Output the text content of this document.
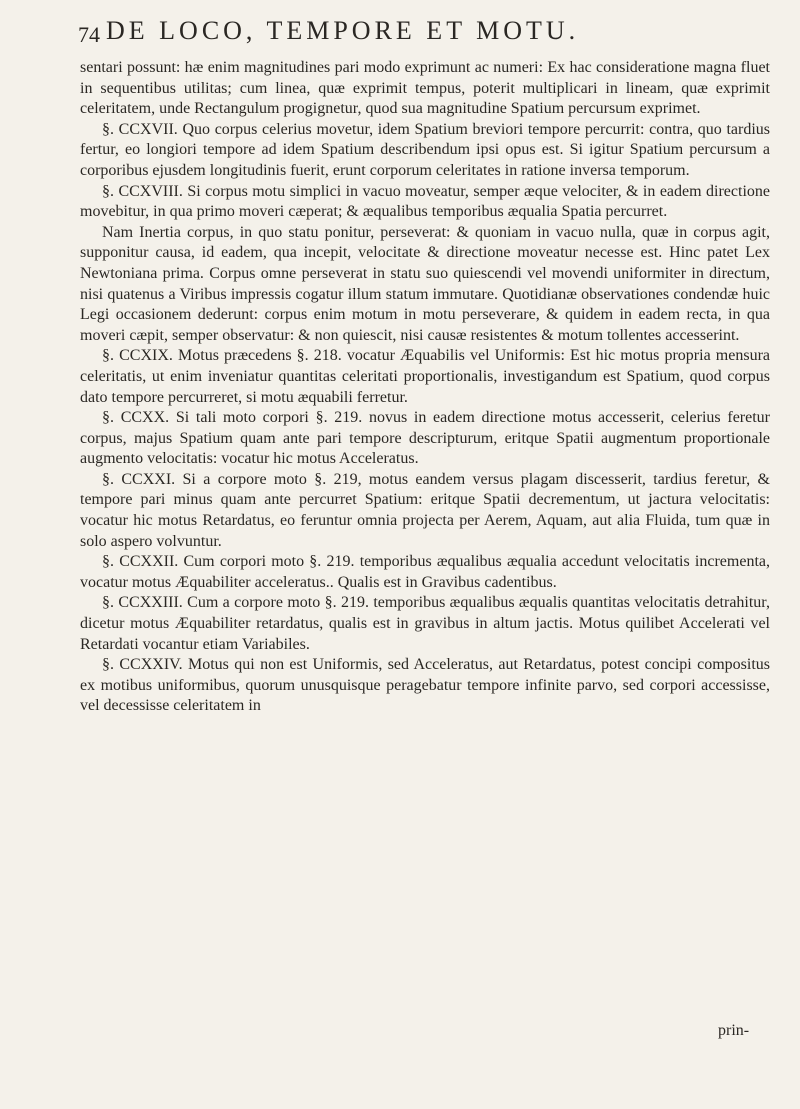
74 DE LOCO, TEMPORE ET MOTU.

sentari possunt: hæ enim magnitudines pari modo exprimunt ac numeri: Ex hac consideratione magna fluet in sequentibus utilitas; cum linea, quæ exprimit tempus, poterit multiplicari in lineam, quæ exprimit celeritatem, unde Rectangulum progignetur, quod sua magnitudine Spatium percursum exprimet.

§. CCXVII. Quo corpus celerius movetur, idem Spatium breviori tempore percurrit: contra, quo tardius fertur, eo longiori tempore ad idem Spatium describendum ipsi opus est. Si igitur Spatium percursum a corporibus ejusdem longitudinis fuerit, erunt corporum celeritates in ratione inversa temporum.

§. CCXVIII. Si corpus motu simplici in vacuo moveatur, semper æque velociter, & in eadem directione movebitur, in qua primo moveri cæperat; & æqualibus temporibus æqualia Spatia percurret.

Nam Inertia corpus, in quo statu ponitur, perseverat: & quoniam in vacuo nulla, quæ in corpus agit, supponitur causa, id eadem, qua incepit, velocitate & directione moveatur necesse est. Hinc patet Lex Newtoniana prima. Corpus omne perseverat in statu suo quiescendi vel movendi uniformiter in directum, nisi quatenus a Viribus impressis cogatur illum statum immutare. Quotidianæ observationes condendæ huic Legi occasionem dederunt: corpus enim motum in motu perseverare, & quidem in eadem recta, in qua moveri cæpit, semper observatur: & non quiescit, nisi causæ resistentes & motum tollentes accesserint.

§. CCXIX. Motus præcedens §. 218. vocatur Æquabilis vel Uniformis: Est hic motus propria mensura celeritatis, ut enim inveniatur quantitas celeritati proportionalis, investigandum est Spatium, quod corpus dato tempore percurreret, si motu æquabili ferretur.

§. CCXX. Si tali moto corpori §. 219. novus in eadem directione motus accesserit, celerius feretur corpus, majus Spatium quam ante pari tempore descripturum, eritque Spatii augmentum proportionale augmento velocitatis: vocatur hic motus Acceleratus.

§. CCXXI. Si a corpore moto §. 219, motus eandem versus plagam discesserit, tardius feretur, & tempore pari minus quam ante percurret Spatium: eritque Spatii decrementum, ut jactura velocitatis: vocatur hic motus Retardatus, eo feruntur omnia projecta per Aerem, Aquam, aut alia Fluida, tum quæ in solo aspero volvuntur.

§. CCXXII. Cum corpori moto §. 219. temporibus æqualibus æqualia accedunt velocitatis incrementa, vocatur motus Æquabiliter acceleratus.. Qualis est in Gravibus cadentibus.

§. CCXXIII. Cum a corpore moto §. 219. temporibus æqualibus æqualis quantitas velocitatis detrahitur, dicetur motus Æquabiliter retardatus, qualis est in gravibus in altum jactis. Motus quilibet Accelerati vel Retardati vocantur etiam Variabiles.

§. CCXXIV. Motus qui non est Uniformis, sed Acceleratus, aut Retardatus, potest concipi compositus ex motibus uniformibus, quorum unusquisque peragebatur tempore infinite parvo, sed corpori accessisse, vel decessisse celeritatem in

prin-
